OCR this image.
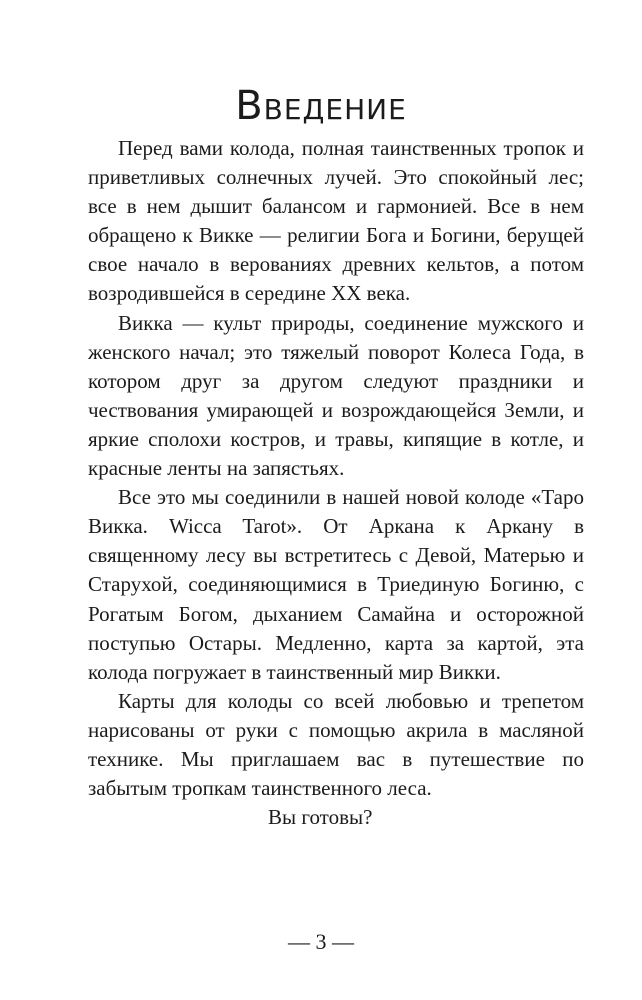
Введение

Перед вами колода, полная таинственных тропок и приветливых солнечных лучей. Это спокойный лес; все в нем дышит балансом и гармонией. Все в нем обращено к Викке — религии Бога и Богини, берущей свое начало в верованиях древних кельтов, а потом возродившейся в середине XX века.

Викка — культ природы, соединение мужского и женского начал; это тяжелый поворот Колеса Года, в котором друг за другом следуют праздники и чествования умирающей и возрождающейся Земли, и яркие сполохи костров, и травы, кипящие в котле, и красные ленты на запястьях.

Все это мы соединили в нашей новой колоде «Таро Викка. Wicca Tarot». От Аркана к Аркану в священному лесу вы встретитесь с Девой, Матерью и Старухой, соединяющимися в Триединую Богиню, с Рогатым Богом, дыханием Самайна и осторожной поступью Остары. Медленно, карта за картой, эта колода погружает в таинственный мир Викки.

Карты для колоды со всей любовью и трепетом нарисованы от руки с помощью акрила в масляной технике. Мы приглашаем вас в путешествие по забытым тропкам таинственного леса.

Вы готовы?

— 3 —
